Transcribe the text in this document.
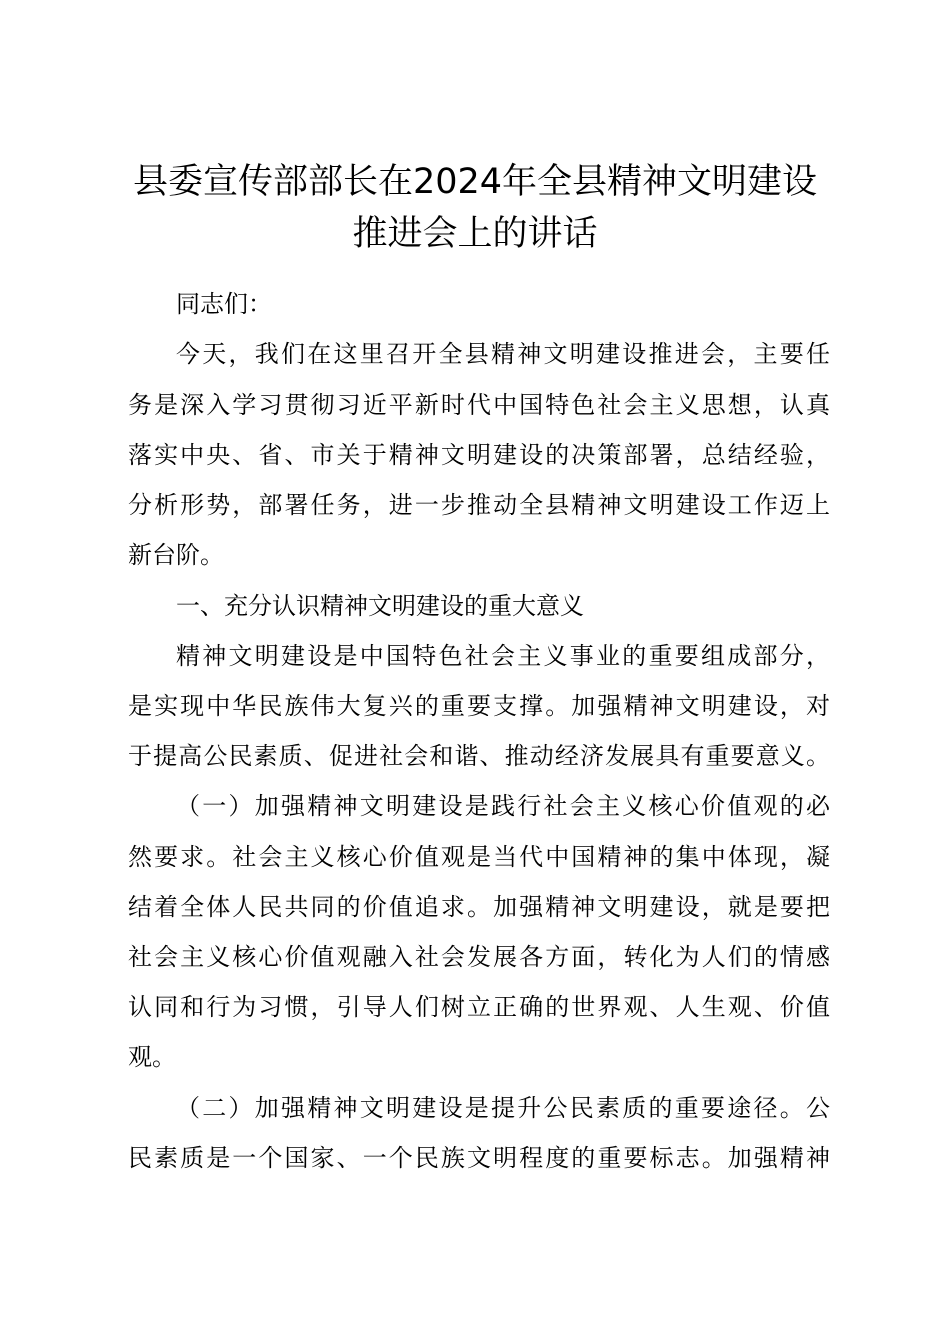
县委宣传部部长在2024年全县精神文明建设
推进会上的讲话
同志们：
今天，我们在这里召开全县精神文明建设推进会，主要任
务是深入学习贯彻习近平新时代中国特色社会主义思想，认真
落实中央、省、市关于精神文明建设的决策部署，总结经验，
分析形势，部署任务，进一步推动全县精神文明建设工作迈上
新台阶。
一、充分认识精神文明建设的重大意义
精神文明建设是中国特色社会主义事业的重要组成部分，
是实现中华民族伟大复兴的重要支撑。加强精神文明建设，对
于提高公民素质、促进社会和谐、推动经济发展具有重要意义。
（一）加强精神文明建设是践行社会主义核心价值观的必
然要求。社会主义核心价值观是当代中国精神的集中体现，凝
结着全体人民共同的价值追求。加强精神文明建设，就是要把
社会主义核心价值观融入社会发展各方面，转化为人们的情感
认同和行为习惯，引导人们树立正确的世界观、人生观、价值
观。
（二）加强精神文明建设是提升公民素质的重要途径。公
民素质是一个国家、一个民族文明程度的重要标志。加强精神
